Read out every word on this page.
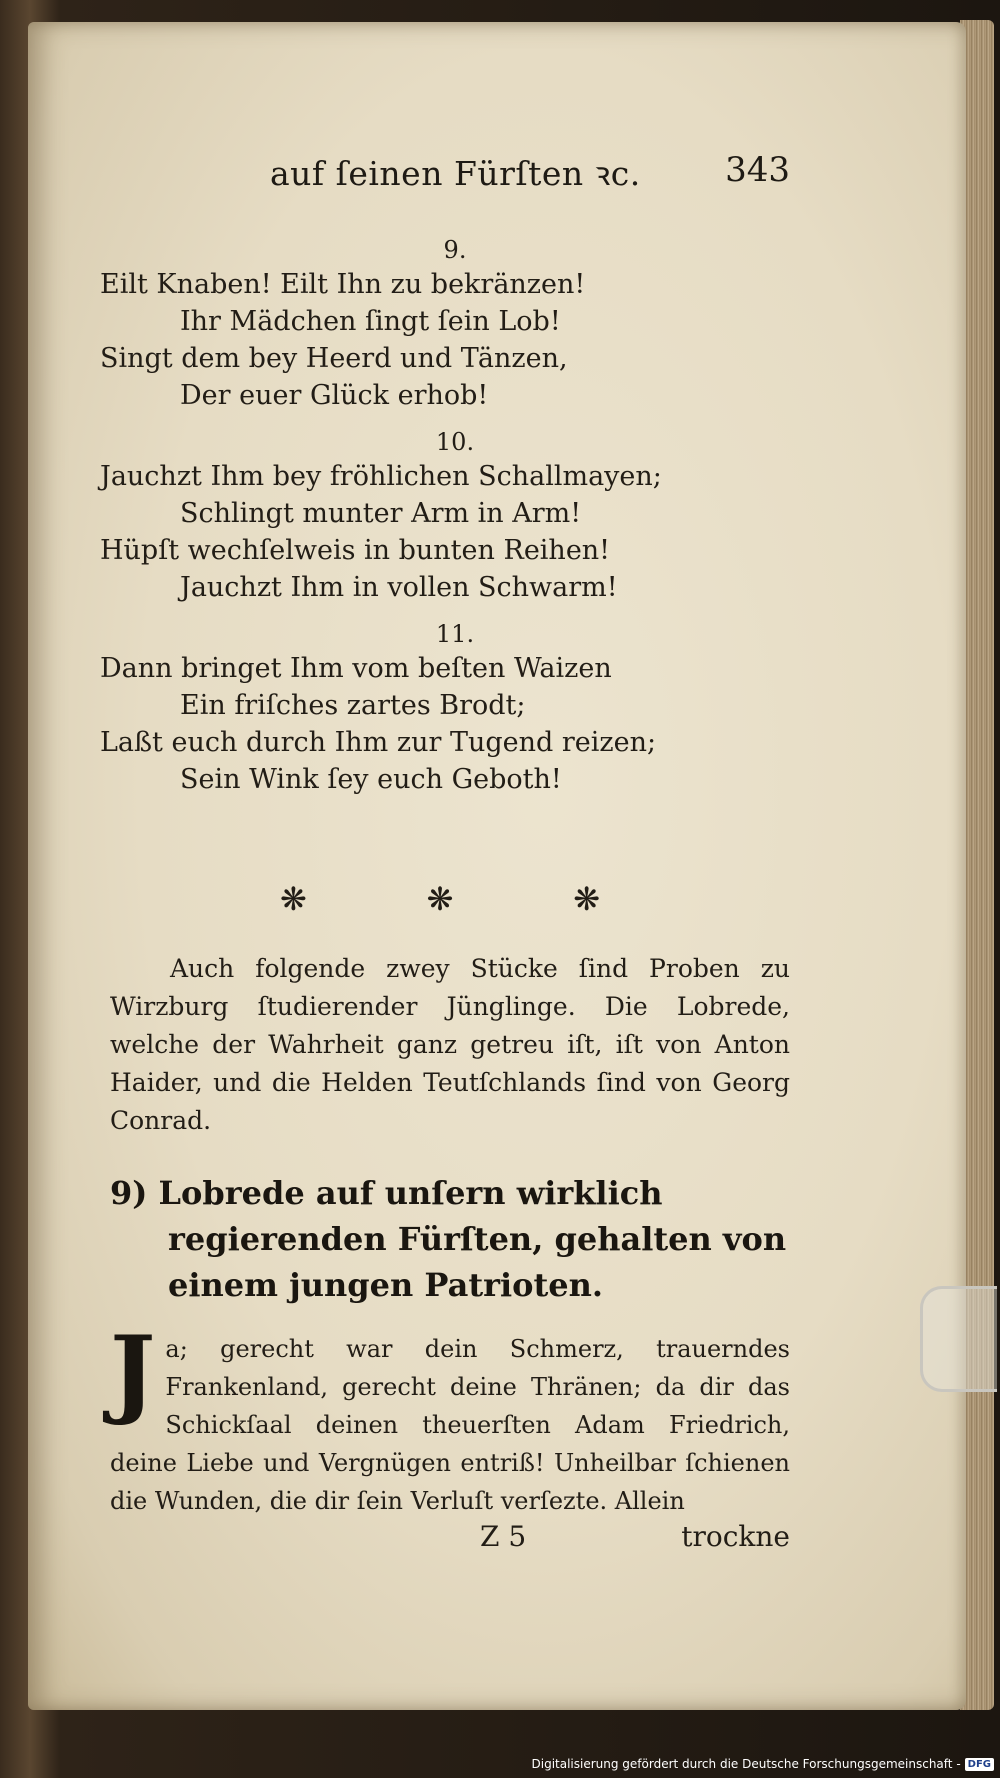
auf ſeinen Fürſten ꝛc. 343
9.
Eilt Knaben! Eilt Ihn zu bekränzen!
Ihr Mädchen ſingt ſein Lob!
Singt dem bey Heerd und Tänzen,
Der euer Glück erhob!
10.
Jauchzt Ihm bey fröhlichen Schallmayen;
Schlingt munter Arm in Arm!
Hüpſt wechſelweis in bunten Reihen!
Jauchzt Ihm in vollen Schwarm!
11.
Dann bringet Ihm vom beſten Waizen
Ein friſches zartes Brodt;
Laßt euch durch Ihm zur Tugend reizen;
Sein Wink ſey euch Geboth!
❋	❋	❋
Auch folgende zwey Stücke ſind Proben zu Wirzburg ſtudierender Jünglinge. Die Lobrede, welche der Wahrheit ganz getreu iſt, iſt von Anton Haider, und die Helden Teutſchlands ſind von Georg Conrad.
9) Lobrede auf unſern wirklich regierenden Fürſten, gehalten von einem jungen Patrioten.
J a; gerecht war dein Schmerz, trauerndes Frankenland, gerecht deine Thränen; da dir das Schickſaal deinen theuerſten Adam Friedrich, deine Liebe und Vergnügen entriß! Unheilbar ſchienen die Wunden, die dir ſein Verluſt verſezte. Allein
Z 5	trockne
Digitalisierung gefördert durch die Deutsche Forschungsgemeinschaft - DFG
